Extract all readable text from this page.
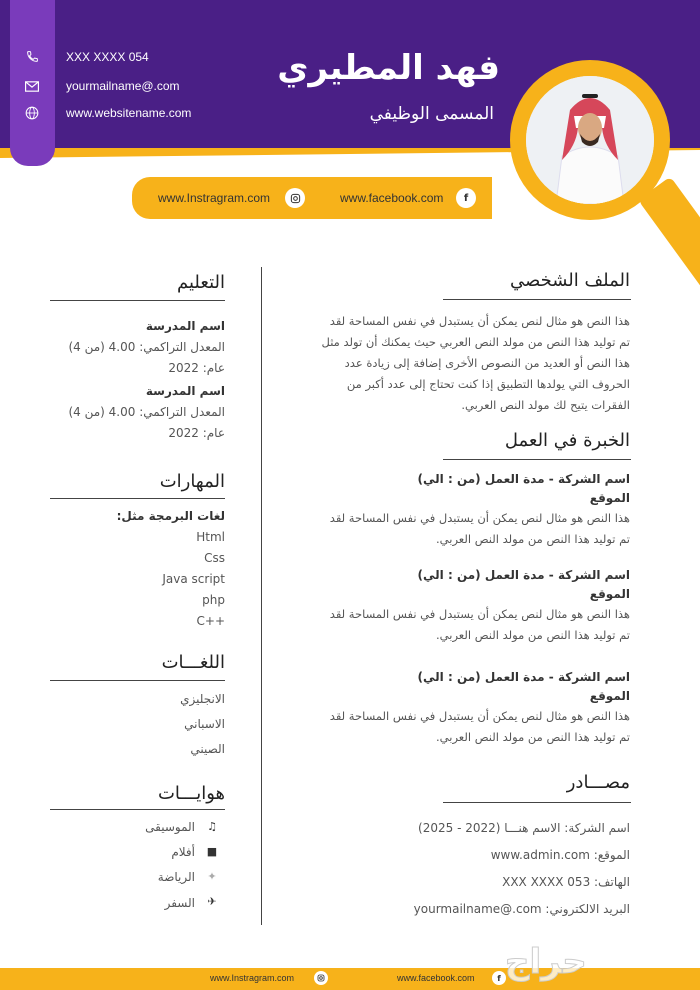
XXX XXXX 054
yourmailname@.com
www.websitename.com
فهد المطيري
المسمى الوظيفي
www.Instragram.com	www.facebook.com	f
الملف الشخصي
هذا النص هو مثال لنص يمكن أن يستبدل في نفس المساحة لقد
تم توليد هذا النص من مولد النص العربي حيث يمكنك أن تولد مثل
هذا النص أو العديد من النصوص الأخرى إضافة إلى زيادة عدد
الحروف التي يولدها التطبيق إذا كنت تحتاج إلى عدد أكبر من
الفقرات يتيح لك مولد النص العربي.
الخبرة في العمل
اسم الشركة - مدة العمل (من : الي)
الموقع
هذا النص هو مثال لنص يمكن أن يستبدل في نفس المساحة لقد
تم توليد هذا النص من مولد النص العربي.
اسم الشركة - مدة العمل (من : الي)
الموقع
هذا النص هو مثال لنص يمكن أن يستبدل في نفس المساحة لقد
تم توليد هذا النص من مولد النص العربي.
اسم الشركة - مدة العمل (من : الي)
الموقع
هذا النص هو مثال لنص يمكن أن يستبدل في نفس المساحة لقد
تم توليد هذا النص من مولد النص العربي.
مصـــادر
اسم الشركة: الاسم هنـــا (2022 - 2025)
الموقع: www.admin.com
الهاتف: 053 XXX XXXX
البريد الالكتروني: yourmailname@.com
التعليم
اسم المدرسة
المعدل التراكمي: 4.00 (من 4)
عام: 2022
اسم المدرسة
المعدل التراكمي: 4.00 (من 4)
عام: 2022
المهارات
لغات البرمجة مثل:
Html
Css
Java script
php
++C
اللغـــات
الانجليزي
الاسباني
الصيني
هوايـــات
الموسيقى ♫
أفلام ■
الرياضة	✦
السفر	✈
www.Instragram.com	www.facebook.com	f حراج
